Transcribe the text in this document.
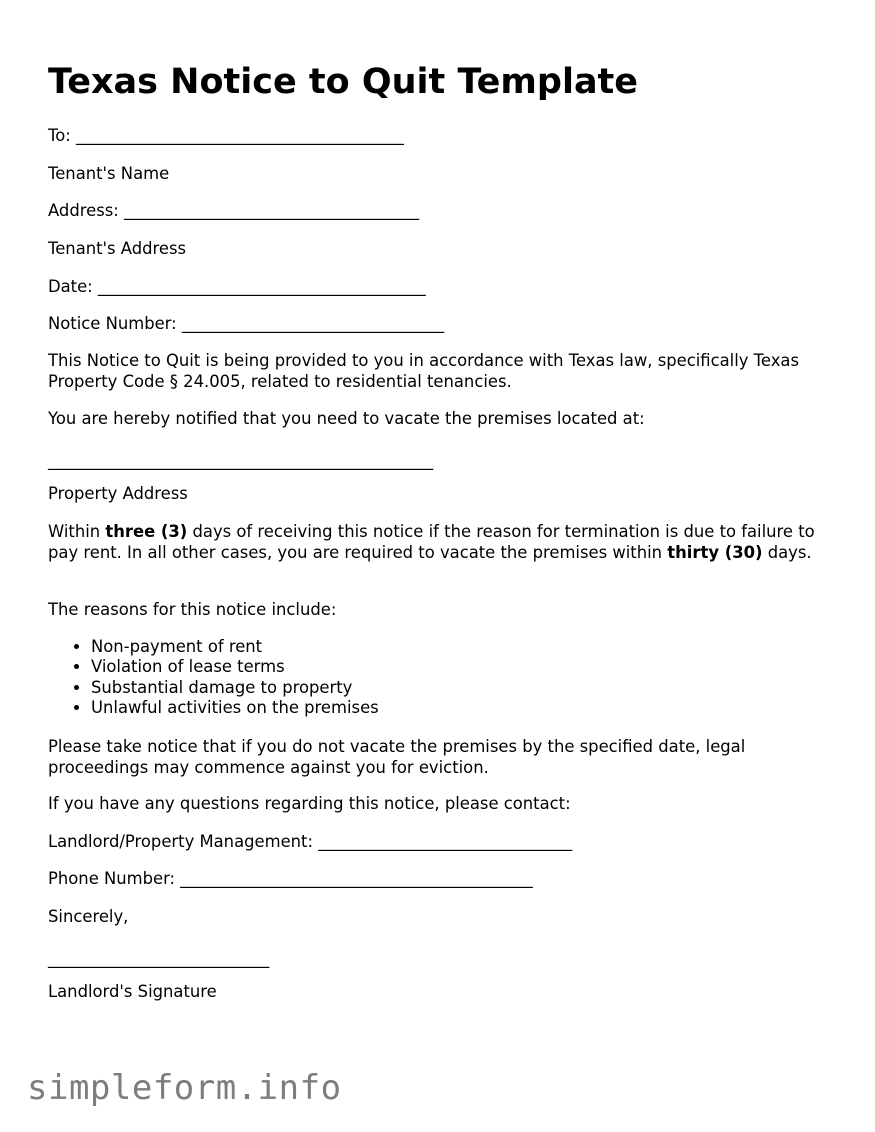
Texas Notice to Quit Template

To: ________________________________________

Tenant's Name

Address: ____________________________________

Tenant's Address

Date: ________________________________________

Notice Number: ________________________________

This Notice to Quit is being provided to you in accordance with Texas law, specifically Texas Property Code § 24.005, related to residential tenancies.

You are hereby notified that you need to vacate the premises located at:

_______________________________________________

Property Address

Within three (3) days of receiving this notice if the reason for termination is due to failure to pay rent. In all other cases, you are required to vacate the premises within thirty (30) days.

The reasons for this notice include:

• Non-payment of rent
• Violation of lease terms
• Substantial damage to property
• Unlawful activities on the premises

Please take notice that if you do not vacate the premises by the specified date, legal proceedings may commence against you for eviction.

If you have any questions regarding this notice, please contact:

Landlord/Property Management: _______________________________

Phone Number: ___________________________________________

Sincerely,

___________________________

Landlord's Signature

simpleform.info
